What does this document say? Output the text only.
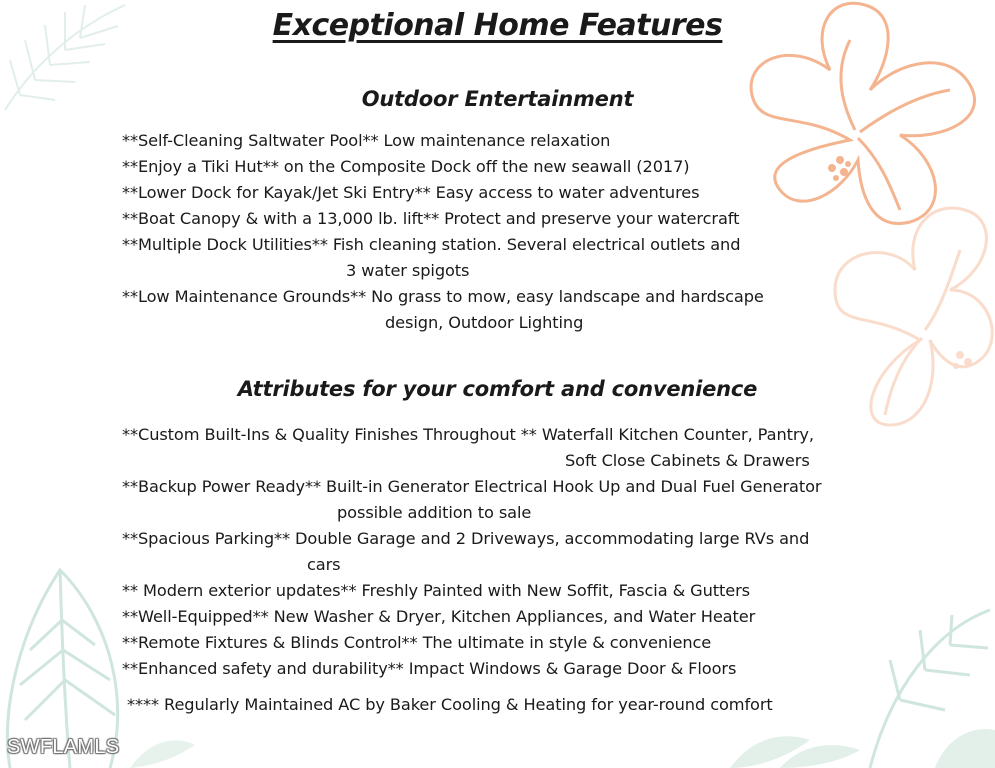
Exceptional Home Features
Outdoor Entertainment
**Self-Cleaning Saltwater Pool** Low maintenance relaxation
**Enjoy a Tiki Hut** on the Composite Dock off the new seawall (2017)
**Lower Dock for Kayak/Jet Ski Entry** Easy access to water adventures
**Boat Canopy & with a 13,000 lb. lift** Protect and preserve your watercraft
**Multiple Dock Utilities** Fish cleaning station. Several electrical outlets and
3 water spigots
**Low Maintenance Grounds** No grass to mow, easy landscape and hardscape
design, Outdoor Lighting
Attributes for your comfort and convenience
**Custom Built-Ins & Quality Finishes Throughout ** Waterfall Kitchen Counter, Pantry,
Soft Close Cabinets & Drawers
**Backup Power Ready** Built-in Generator Electrical Hook Up and Dual Fuel Generator
possible addition to sale
**Spacious Parking** Double Garage and 2 Driveways, accommodating large RVs and
cars
** Modern exterior updates** Freshly Painted with New Soffit, Fascia & Gutters
**Well-Equipped** New Washer & Dryer, Kitchen Appliances, and Water Heater
**Remote Fixtures & Blinds Control** The ultimate in style & convenience
**Enhanced safety and durability** Impact Windows & Garage Door & Floors
**** Regularly Maintained AC by Baker Cooling & Heating for year-round comfort
SWFLAMLS
